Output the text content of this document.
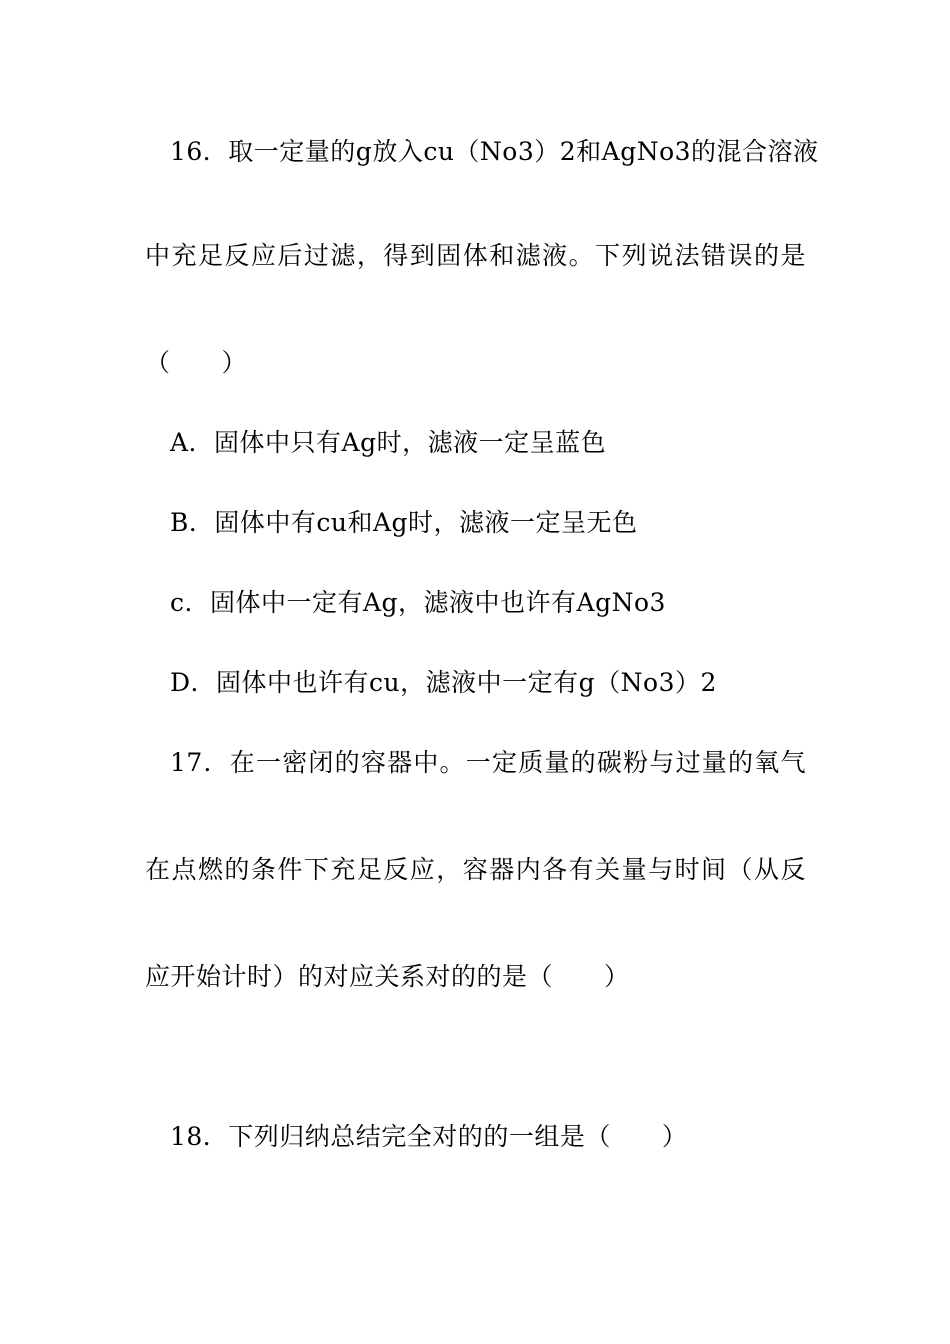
16．取一定量的g放入cu（No3）2和AgNo3的混合溶液
中充足反应后过滤，得到固体和滤液。下列说法错误的是
（　　）
A．固体中只有Ag时，滤液一定呈蓝色
B．固体中有cu和Ag时，滤液一定呈无色
c．固体中一定有Ag，滤液中也许有AgNo3
D．固体中也许有cu，滤液中一定有g（No3）2
17．在一密闭的容器中。一定质量的碳粉与过量的氧气
在点燃的条件下充足反应，容器内各有关量与时间（从反
应开始计时）的对应关系对的的是（　　）
18．下列归纳总结完全对的的一组是（　　）
